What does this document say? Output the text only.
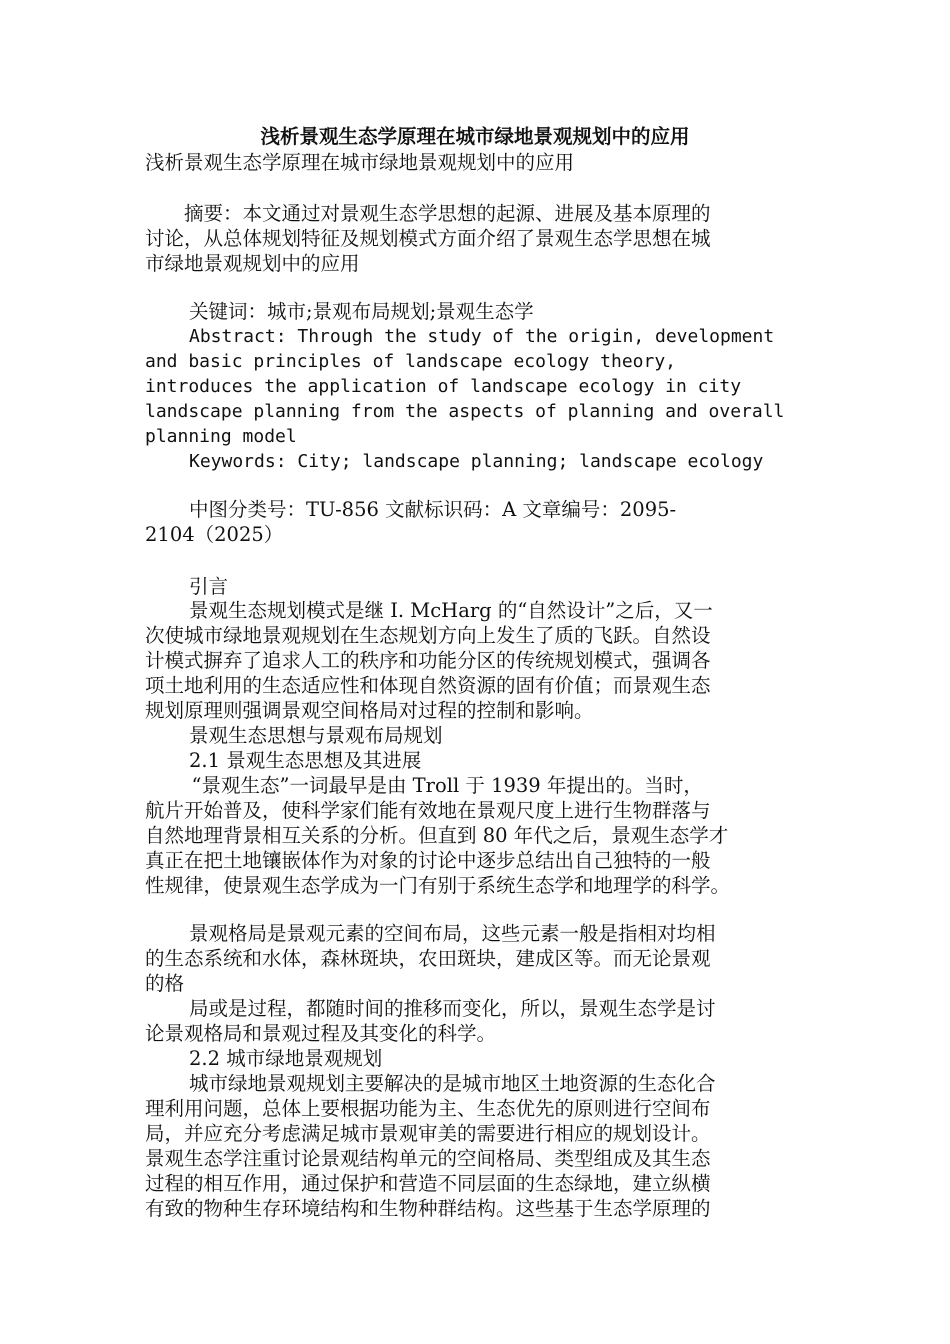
浅析景观生态学原理在城市绿地景观规划中的应用

浅析景观生态学原理在城市绿地景观规划中的应用

　　摘要：本文通过对景观生态学思想的起源、进展及基本原理的

讨论，从总体规划特征及规划模式方面介绍了景观生态学思想在城

市绿地景观规划中的应用

关键词：城市;景观布局规划;景观生态学

Abstract: Through the study of the origin, development

and basic principles of landscape ecology theory,

introduces the application of landscape ecology in city

landscape planning from the aspects of planning and overall

planning model

Keywords: City; landscape planning; landscape ecology

中图分类号：TU-856 文献标识码：A 文章编号：2095-

2104（2025）

引言

景观生态规划模式是继 I. McHarg 的“自然设计”之后，又一

次使城市绿地景观规划在生态规划方向上发生了质的飞跃。自然设

计模式摒弃了追求人工的秩序和功能分区的传统规划模式，强调各

项土地利用的生态适应性和体现自然资源的固有价值；而景观生态

规划原理则强调景观空间格局对过程的控制和影响。

景观生态思想与景观布局规划

2.1 景观生态思想及其进展

　“景观生态”一词最早是由 Troll 于 1939 年提出的。当时，

航片开始普及，使科学家们能有效地在景观尺度上进行生物群落与

自然地理背景相互关系的分析。但直到 80 年代之后，景观生态学才

真正在把土地镶嵌体作为对象的讨论中逐步总结出自己独特的一般

性规律，使景观生态学成为一门有别于系统生态学和地理学的科学。

景观格局是景观元素的空间布局，这些元素一般是指相对均相

的生态系统和水体，森林斑块，农田斑块，建成区等。而无论景观

的格

局或是过程，都随时间的推移而变化，所以，景观生态学是讨

论景观格局和景观过程及其变化的科学。

2.2 城市绿地景观规划

城市绿地景观规划主要解决的是城市地区土地资源的生态化合

理利用问题，总体上要根据功能为主、生态优先的原则进行空间布

局，并应充分考虑满足城市景观审美的需要进行相应的规划设计。

景观生态学注重讨论景观结构单元的空间格局、类型组成及其生态

过程的相互作用，通过保护和营造不同层面的生态绿地，建立纵横

有致的物种生存环境结构和生物种群结构。这些基于生态学原理的
